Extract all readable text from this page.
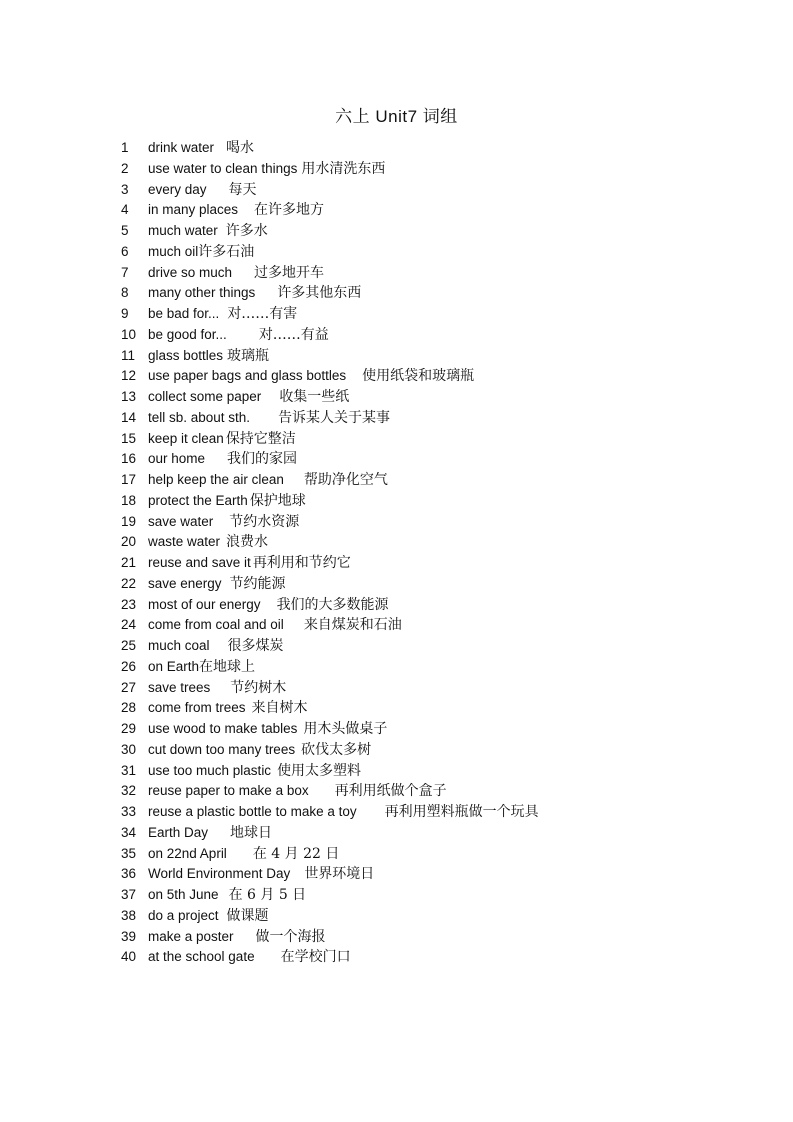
六上 Unit7 词组
1	drink water 喝水
2	use water to clean things 用水清洗东西
3	every day 每天
4	in many places 在许多地方
5	much water 许多水
6	much oil许多石油
7	drive so much 过多地开车
8	many other things 许多其他东西
9	be bad for... 对……有害
10 be good for... 对……有益
11 glass bottles 玻璃瓶
12 use paper bags and glass bottles 使用纸袋和玻璃瓶
13 collect some paper 收集一些纸
14 tell sb. about sth. 告诉某人关于某事
15 keep it clean 保持它整洁
16 our home 我们的家园
17 help keep the air clean 帮助净化空气
18 protect the Earth 保护地球
19 save water 节约水资源
20 waste water 浪费水
21 reuse and save it 再利用和节约它
22 save energy 节约能源
23 most of our energy 我们的大多数能源
24 come from coal and oil 来自煤炭和石油
25 much coal 很多煤炭
26 on Earth在地球上
27 save trees 节约树木
28 come from trees 来自树木
29 use wood to make tables 用木头做桌子
30 cut down too many trees 砍伐太多树
31 use too much plastic 使用太多塑料
32 reuse paper to make a box 再利用纸做个盒子
33 reuse a plastic bottle to make a toy 再利用塑料瓶做一个玩具
34 Earth Day 地球日
35 on 22nd April 在 4 月 22 日
36 World Environment Day 世界环境日
37 on 5th June 在 6 月 5 日
38 do a project 做课题
39 make a poster 做一个海报
40 at the school gate 在学校门口
